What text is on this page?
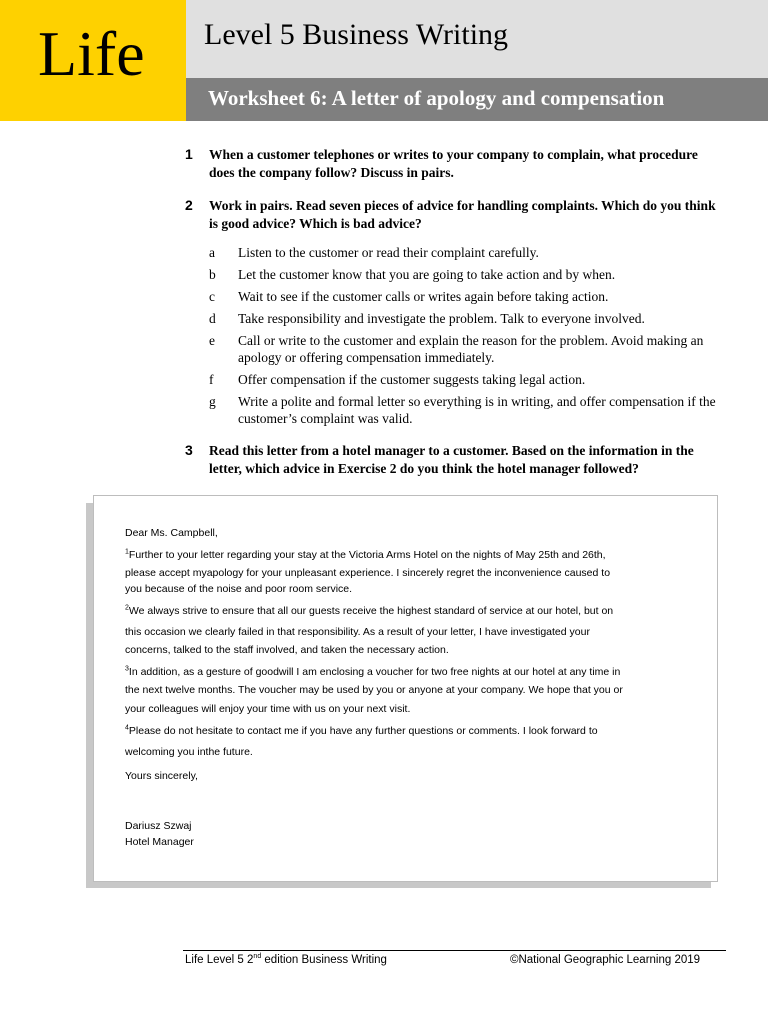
Life Level 5 Business Writing
Worksheet 6: A letter of apology and compensation
1 When a customer telephones or writes to your company to complain, what procedure does the company follow? Discuss in pairs.
2 Work in pairs. Read seven pieces of advice for handling complaints. Which do you think is good advice? Which is bad advice?
a	Listen to the customer or read their complaint carefully.
b	Let the customer know that you are going to take action and by when.
c	Wait to see if the customer calls or writes again before taking action.
d	Take responsibility and investigate the problem. Talk to everyone involved.
e	Call or write to the customer and explain the reason for the problem. Avoid making an apology or offering compensation immediately.
f	Offer compensation if the customer suggests taking legal action.
g	Write a polite and formal letter so everything is in writing, and offer compensation if the customer’s complaint was valid.
3 Read this letter from a hotel manager to a customer. Based on the information in the letter, which advice in Exercise 2 do you think the hotel manager followed?
Dear Ms. Campbell,
$^1$Further to your letter regarding your stay at the Victoria Arms Hotel on the nights of May 25th and 26th,
please accept myapology for your unpleasant experience. I sincerely regret the inconvenience caused to
you because of the noise and poor room service.
$^2$We always strive to ensure that all our guests receive the highest standard of service at our hotel, but on
this occasion we clearly failed in that responsibility. As a result of your letter, I have investigated your
concerns, talked to the staff involved, and taken the necessary action.
$^3$In addition, as a gesture of goodwill I am enclosing a voucher for two free nights at our hotel at any time in
the next twelve months. The voucher may be used by you or anyone at your company. We hope that you or
your colleagues will enjoy your time with us on your next visit.
$^4$Please do not hesitate to contact me if you have any further questions or comments. I look forward to
welcoming you inthe future.
Yours sincerely,
Dariusz Szwaj
Hotel Manager
Life Level 5 2nd edition Business Writing	©National Geographic Learning 2019
